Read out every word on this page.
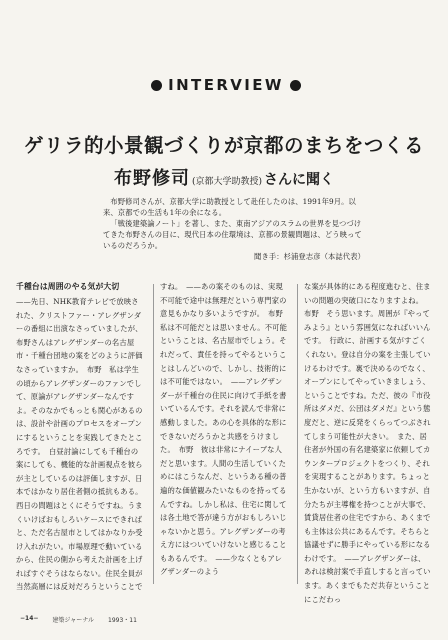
INTERVIEW
ゲリラ的小景観づくりが京都のまちをつくる
布野修司 (京都大学助教授) さんに聞く

布野修司さんが、京都大学に助教授として赴任したのは、1991年9月。以来、京都での生活も1年の余になる。

「戦後建築論ノート」を著し、また、東南アジアのスラムの世界を見つづけてきた布野さんの目に、現代日本の住環境は、京都の景観問題は、どう映っているのだろうか。

聞き手：杉浦登志彦（本誌代表）

千種台は周囲のやる気が大切

——先日、NHK教育テレビで放映された、クリストファー・アレグザンダーの番組に出演なさっていましたが、布野さんはアレグザンダーの名古屋市・千種台団地の案をどのように評価なさっていますか。　布野　私は学生の頃からアレグザンダーのファンでして、原論がアレグザンダーなんですよ。そのなかでもっとも関心があるのは、設計や計画のプロセスをオープンにするということを実践してきたところです。　白昼討論にしても千種台の案にしても、機能的な計画視点を彼らが主としているのは評価しますが、日本ではかなり居住者側の抵抗もある。西日の問題はとくにそうですね。うまくいけばおもしろいケースにできればと、ただ名古屋市としてはかなりか受け入れがたい。市場原理で動いているから、住民の側から考えた計画を上げればすぐそうはならない。住民全員が当然高層には反対だろうということで

すね。　——あの案そのものは、実現不可能で途中は無理だという専門家の意見もかなり多いようですが。　布野　私は不可能だとは思いません。不可能ということは、名古屋市でしょう。それだって、責任を持ってやるということはしんどいので、しかし、技術的には不可能ではない。　——アレグザンダーが千種台の住民に向けて手紙を書いているんです。それを読んで非常に感動しました。あの心を具体的な形にできないだろうかと共感をうけました。　布野　彼は非常にナイーブな人だと思います。人間の生活していくためにはこうなんだ、というある種の普遍的な価値観みたいなものを持ってるんですね。しかし私は、住宅に関しては各土地で答が違う方がおもしろいじゃないかと思う。アレグザンダーの考え方にはついていけないと感じることもあるんです。　——少なくともアレグザンダーのよう

な案が具体的にある程度進むと、住まいの問題の突破口になりますよね。　布野　そう思います。周囲が『やってみよう』という雰囲気になればいいんです。　行政に、計画する気がすごくくれない。登は自分の案を主張していけるわけです。裏で決めるのでなく、オープンにしてやっていきましょう、ということですね。ただ、彼の『市役所はダメだ、公団はダメだ』という態度だと、逆に反発をくらってつぶされてしまう可能性が大きい。　また、居住者が外国の有名建築家に依頼してカウンタープロジェクトをつくり、それを実現することがあります。ちょっと生かないが、という方もいますが、自分たちが主導権を持つことが大事で、賃貸居住者の住宅ですから、あくまでも主体は公共にあるんです。そちらと協議せずに勝手にやっている形になるわけです。　——アレグザンダーは、あれは検討案で手直しすると言っています。あくまでもただ共存ということにこだわっ

−14− 建築ジャーナル 1993・11
